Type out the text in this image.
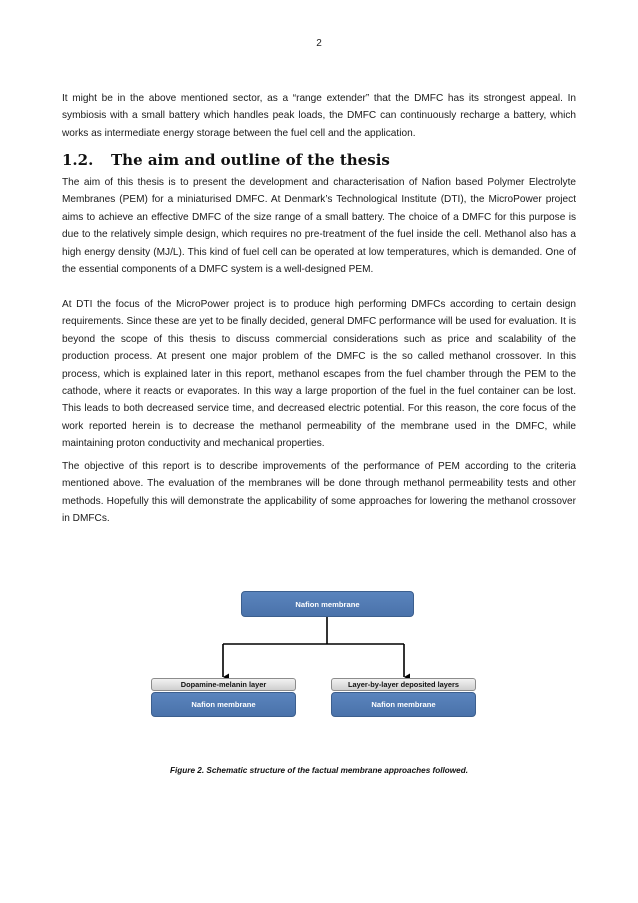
2

It might be in the above mentioned sector, as a “range extender” that the DMFC has its strongest appeal. In symbiosis with a small battery which handles peak loads, the DMFC can continuously recharge a battery, which works as intermediate energy storage between the fuel cell and the application.

1.2. The aim and outline of the thesis

The aim of this thesis is to present the development and characterisation of Nafion based Polymer Electrolyte Membranes (PEM) for a miniaturised DMFC. At Denmark’s Technological Institute (DTI), the MicroPower project aims to achieve an effective DMFC of the size range of a small battery. The choice of a DMFC for this purpose is due to the relatively simple design, which requires no pre-treatment of the fuel inside the cell. Methanol also has a high energy density (MJ/L). This kind of fuel cell can be operated at low temperatures, which is demanded. One of the essential components of a DMFC system is a well-designed PEM.

At DTI the focus of the MicroPower project is to produce high performing DMFCs according to certain design requirements. Since these are yet to be finally decided, general DMFC performance will be used for evaluation. It is beyond the scope of this thesis to discuss commercial considerations such as price and scalability of the production process. At present one major problem of the DMFC is the so called methanol crossover. In this process, which is explained later in this report, methanol escapes from the fuel chamber through the PEM to the cathode, where it reacts or evaporates. In this way a large proportion of the fuel in the fuel container can be lost. This leads to both decreased service time, and decreased electric potential. For this reason, the core focus of the work reported herein is to decrease the methanol permeability of the membrane used in the DMFC, while maintaining proton conductivity and mechanical properties.

The objective of this report is to describe improvements of the performance of PEM according to the criteria mentioned above. The evaluation of the membranes will be done through methanol permeability tests and other methods. Hopefully this will demonstrate the applicability of some approaches for lowering the methanol crossover in DMFCs.

Nafion membrane
Dopamine-melanin layer
Nafion membrane
Layer-by-layer deposited layers
Nafion membrane
Figure 2. Schematic structure of the factual membrane approaches followed.
